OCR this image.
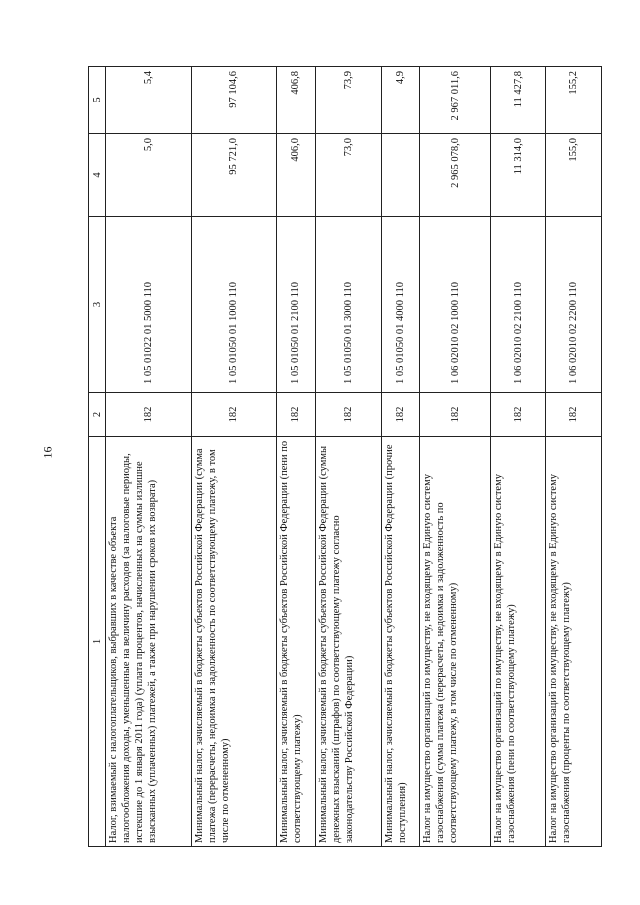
16
1	2	3	4	5
Налог, взимаемый с налогоплательщиков, выбравших в качестве объекта налогообложения доходы, уменьшенные на величину расходов (за налоговые периоды, истекшие до 1 января 2011 года) (уплата процентов, начисленных на суммы излишне взысканных (уплаченных) платежей, а также при нарушении сроков их возврата)	182	1 05 01022 01 5000 110	5,0	5,4
Минимальный налог, зачисляемый в бюджеты субъектов Российской Федерации (сумма платежа (перерасчеты, недоимка и задолженность по соответствующему платежу, в том числе по отмененному)	182	1 05 01050 01 1000 110	95 721,0	97 104,6
Минимальный налог, зачисляемый в бюджеты субъектов Российской Федерации (пени по соответствующему платежу)	182	1 05 01050 01 2100 110	406,0	406,8
Минимальный налог, зачисляемый в бюджеты субъектов Российской Федерации (суммы денежных взысканий (штрафов) по соответствующему платежу согласно законодательству Российской Федерации)	182	1 05 01050 01 3000 110	73,0	73,9
Минимальный налог, зачисляемый в бюджеты субъектов Российской Федерации (прочие поступления)	182	1 05 01050 01 4000 110		4,9
Налог на имущество организаций по имуществу, не входящему в Единую систему газоснабжения (сумма платежа (перерасчеты, недоимка и задолженность по соответствующему платежу, в том числе по отмененному)	182	1 06 02010 02 1000 110	2 965 078,0	2 967 011,6
Налог на имущество организаций по имуществу, не входящему в Единую систему газоснабжения (пени по соответствующему платежу)	182	1 06 02010 02 2100 110	11 314,0	11 427,8
Налог на имущество организаций по имуществу, не входящему в Единую систему газоснабжения (проценты по соответствующему платежу)	182	1 06 02010 02 2200 110	155,0	155,2
